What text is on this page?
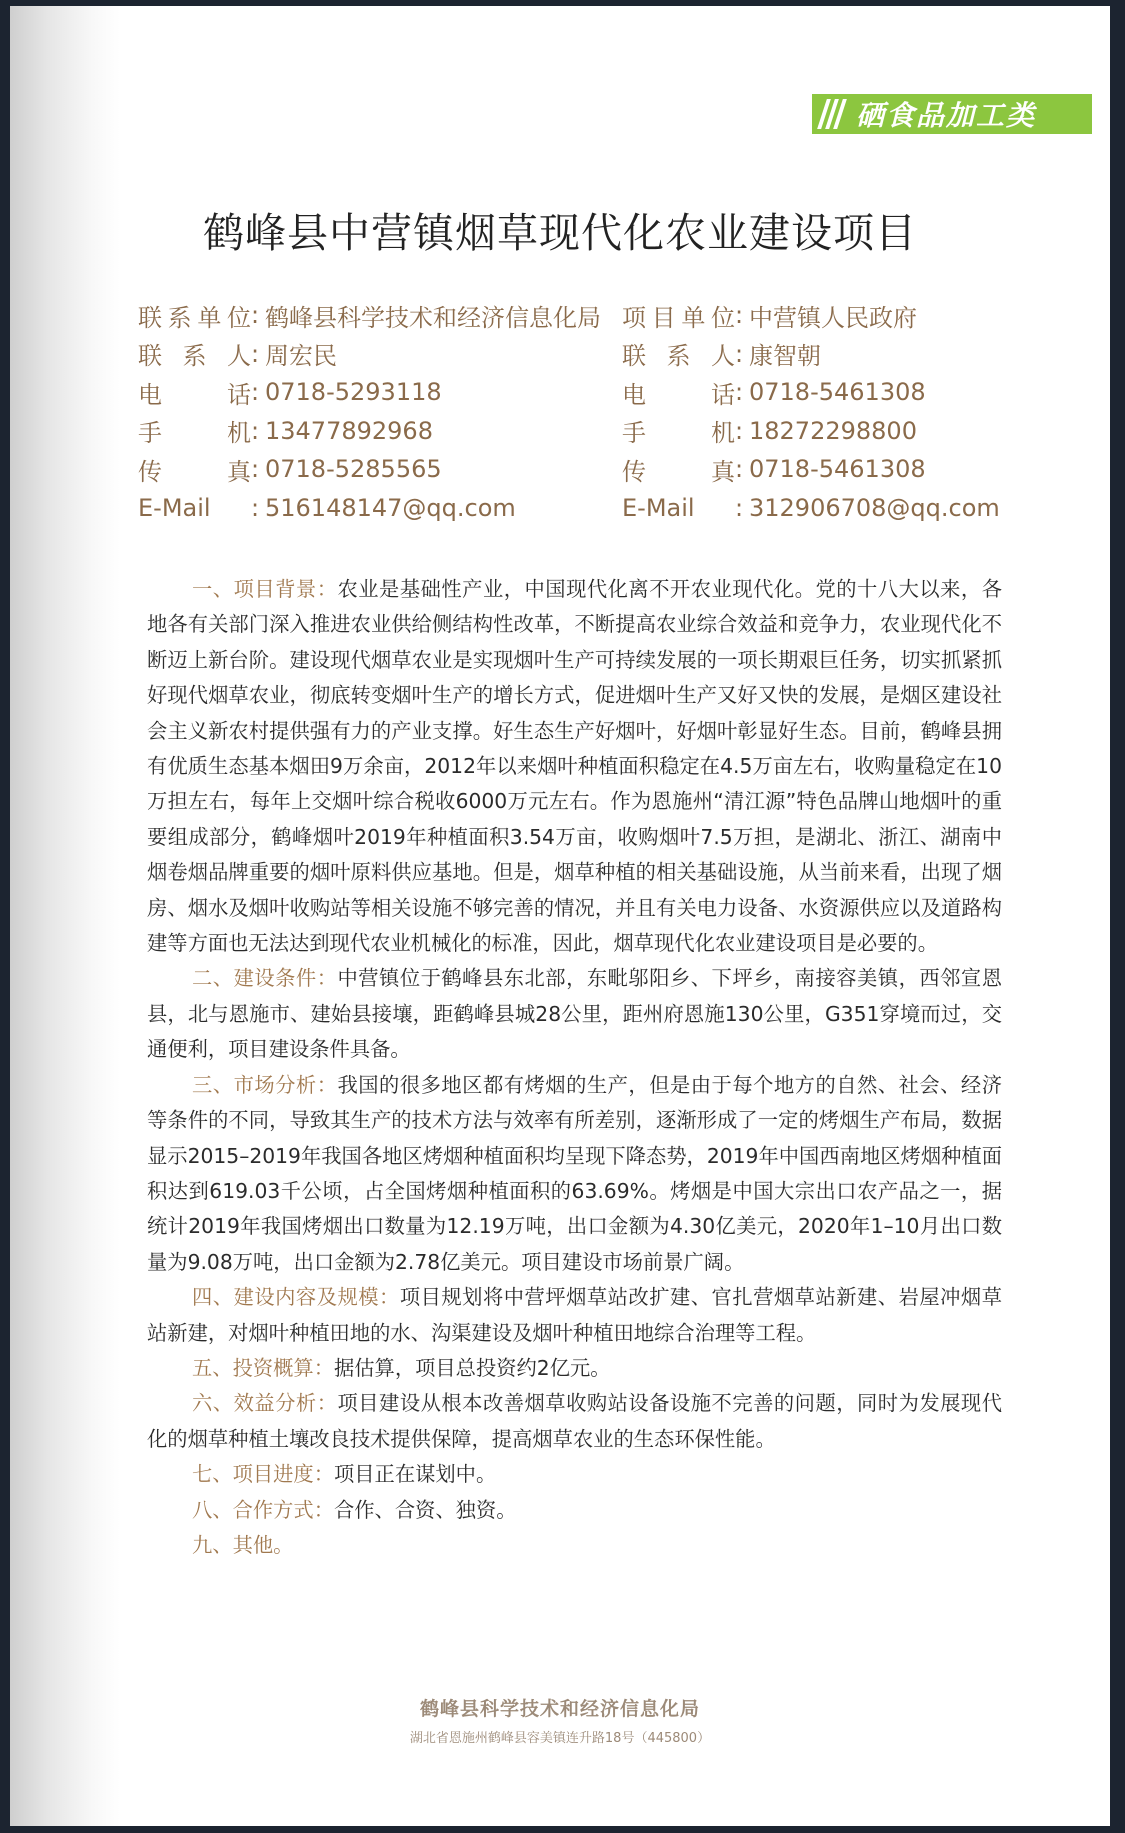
硒食品加工类
鹤峰县中营镇烟草现代化农业建设项目
联系单位 : 鹤峰县科学技术和经济信息化局
联系人 : 周宏民
电话 : 0718-5293118
手机 : 13477892968
传真 : 0718-5285565
E-Mail	: 516148147@qq.com
项目单位 : 中营镇人民政府
联系人 : 康智朝
电话 : 0718-5461308
手机 : 18272298800
传真 : 0718-5461308
E-Mail	: 312906708@qq.com

一、项目背景：农业是基础性产业，中国现代化离不开农业现代化。党的十八大以来，各地各有关部门深入推进农业供给侧结构性改革，不断提高农业综合效益和竞争力，农业现代化不断迈上新台阶。建设现代烟草农业是实现烟叶生产可持续发展的一项长期艰巨任务，切实抓紧抓好现代烟草农业，彻底转变烟叶生产的增长方式，促进烟叶生产又好又快的发展，是烟区建设社会主义新农村提供强有力的产业支撑。好生态生产好烟叶，好烟叶彰显好生态。目前，鹤峰县拥有优质生态基本烟田9万余亩，2012年以来烟叶种植面积稳定在4.5万亩左右，收购量稳定在10万担左右，每年上交烟叶综合税收6000万元左右。作为恩施州“清江源”特色品牌山地烟叶的重要组成部分，鹤峰烟叶2019年种植面积3.54万亩，收购烟叶7.5万担，是湖北、浙江、湖南中烟卷烟品牌重要的烟叶原料供应基地。但是，烟草种植的相关基础设施，从当前来看，出现了烟房、烟水及烟叶收购站等相关设施不够完善的情况，并且有关电力设备、水资源供应以及道路构建等方面也无法达到现代农业机械化的标准，因此，烟草现代化农业建设项目是必要的。

二、建设条件：中营镇位于鹤峰县东北部，东毗邬阳乡、下坪乡，南接容美镇，西邻宣恩县，北与恩施市、建始县接壤，距鹤峰县城28公里，距州府恩施130公里，G351穿境而过，交通便利，项目建设条件具备。

三、市场分析：我国的很多地区都有烤烟的生产，但是由于每个地方的自然、社会、经济等条件的不同，导致其生产的技术方法与效率有所差别，逐渐形成了一定的烤烟生产布局，数据显示2015–2019年我国各地区烤烟种植面积均呈现下降态势，2019年中国西南地区烤烟种植面积达到619.03千公顷，占全国烤烟种植面积的63.69%。烤烟是中国大宗出口农产品之一，据统计2019年我国烤烟出口数量为12.19万吨，出口金额为4.30亿美元，2020年1–10月出口数量为9.08万吨，出口金额为2.78亿美元。项目建设市场前景广阔。

四、建设内容及规模：项目规划将中营坪烟草站改扩建、官扎营烟草站新建、岩屋冲烟草站新建，对烟叶种植田地的水、沟渠建设及烟叶种植田地综合治理等工程。

五、投资概算：据估算，项目总投资约2亿元。

六、效益分析：项目建设从根本改善烟草收购站设备设施不完善的问题，同时为发展现代化的烟草种植土壤改良技术提供保障，提高烟草农业的生态环保性能。

七、项目进度：项目正在谋划中。

八、合作方式：合作、合资、独资。

九、其他。

鹤峰县科学技术和经济信息化局
湖北省恩施州鹤峰县容美镇连升路18号（445800）
